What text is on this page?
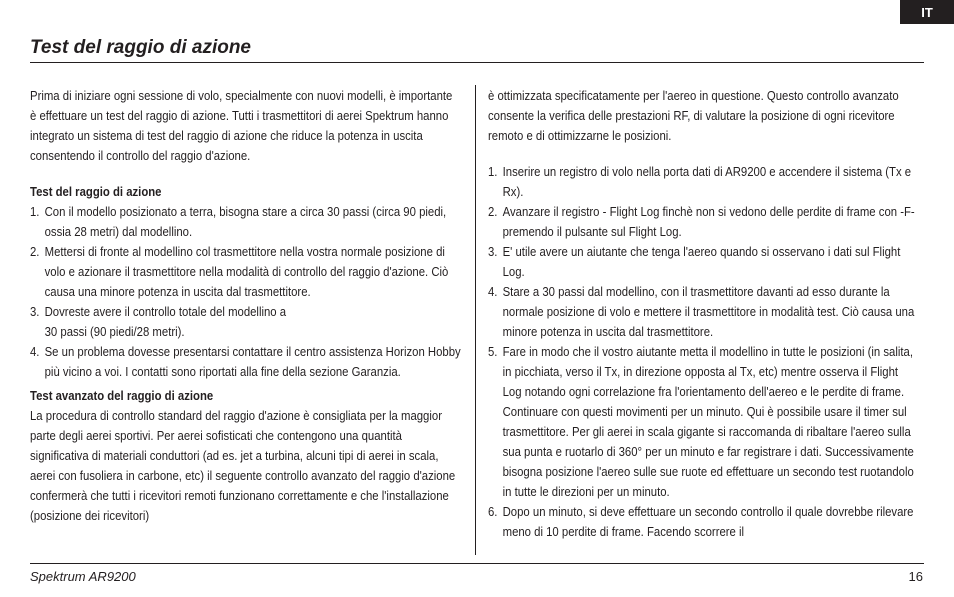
IT
Test del raggio di azione

Prima di iniziare ogni sessione di volo, specialmente con nuovi modelli, è importante è effettuare un test del raggio di azione. Tutti i trasmettitori di aerei Spektrum hanno integrato un sistema di test del raggio di azione che riduce la potenza in uscita consentendo il controllo del raggio d'azione.

Test del raggio di azione

1. Con il modello posizionato a terra, bisogna stare a circa 30 passi (circa 90 piedi, ossia 28 metri) dal modellino.
2. Mettersi di fronte al modellino col trasmettitore nella vostra normale posizione di volo e azionare il trasmettitore nella modalità di controllo del raggio d'azione. Ciò causa una minore potenza in uscita dal trasmettitore.
3. Dovreste avere il controllo totale del modellino a
30 passi (90 piedi/28 metri).
4. Se un problema dovesse presentarsi contattare il centro assistenza Horizon Hobby più vicino a voi. I contatti sono riportati alla fine della sezione Garanzia.

Test avanzato del raggio di azione

La procedura di controllo standard del raggio d'azione è consigliata per la maggior parte degli aerei sportivi. Per aerei sofisticati che contengono una quantità significativa di materiali conduttori (ad es. jet a turbina, alcuni tipi di aerei in scala, aerei con fusoliera in carbone, etc) il seguente controllo avanzato del raggio d'azione confermerà che tutti i ricevitori remoti funzionano correttamente e che l'installazione (posizione dei ricevitori)

è ottimizzata specificatamente per l'aereo in questione. Questo controllo avanzato consente la verifica delle prestazioni RF, di valutare la posizione di ogni ricevitore remoto e di ottimizzarne le posizioni.

1. Inserire un registro di volo nella porta dati di AR9200 e accendere il sistema (Tx e Rx).
2. Avanzare il registro - Flight Log finchè non si vedono delle perdite di frame con -F- premendo il pulsante sul Flight Log.
3. E' utile avere un aiutante che tenga l'aereo quando si osservano i dati sul Flight Log.
4. Stare a 30 passi dal modellino, con il trasmettitore davanti ad esso durante la normale posizione di volo e mettere il trasmettitore in modalità test. Ciò causa una minore potenza in uscita dal trasmettitore.
5. Fare in modo che il vostro aiutante metta il modellino in tutte le posizioni (in salita, in picchiata, verso il Tx, in direzione opposta al Tx, etc) mentre osserva il Flight Log notando ogni correlazione fra l'orientamento dell'aereo e le perdite di frame. Continuare con questi movimenti per un minuto. Qui è possibile usare il timer sul trasmettitore. Per gli aerei in scala gigante si raccomanda di ribaltare l'aereo sulla sua punta e ruotarlo di 360° per un minuto e far registrare i dati. Successivamente bisogna posizione l'aereo sulle sue ruote ed effettuare un secondo test ruotandolo in tutte le direzioni per un minuto.
6. Dopo un minuto, si deve effettuare un secondo controllo il quale dovrebbe rilevare meno di 10 perdite di frame. Facendo scorrere il
Spektrum AR9200	16
